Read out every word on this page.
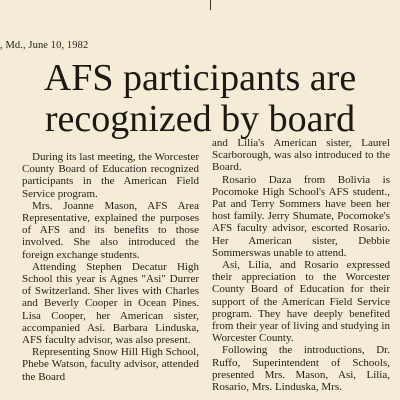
, Md., June 10, 1982
AFS participants are
recognized by board

During its last meeting, the Worcester County Board of Education recognized participants in the American Field Service program.

Mrs. Joanne Mason, AFS Area Representative, explained the purposes of AFS and its benefits to those involved. She also introduced the foreign exchange students.

Attending Stephen Decatur High School this year is Agnes "Asi" Durrer of Switzerland. Sher lives with Charles and Beverly Cooper in Ocean Pines. Lisa Cooper, her American sister, accompanied Asi. Barbara Linduska, AFS faculty advisor, was also present.

Representing Snow Hill High School, Phebe Watson, faculty advisor, attended the Board

and Lilia's American sister, Laurel Scarborough, was also introduced to the Board.

Rosario Daza from Bolivia is Pocomoke High School's AFS student., Pat and Terry Sommers have been her host family. Jerry Shumate, Pocomoke's AFS faculty advisor, escorted Rosario. Her American sister, Debbie Sommerswas unable to attend.

Asi, Lilia, and Rosario expressed their appreciation to the Worcester County Board of Education for their support of the American Field Service program. They have deeply benefited from their year of living and studying in Worcester County.

Following the introductions, Dr. Ruffo, Superintendent of Schools, presented Mrs. Mason, Asi, Lilia, Rosario, Mrs. Linduska, Mrs.
